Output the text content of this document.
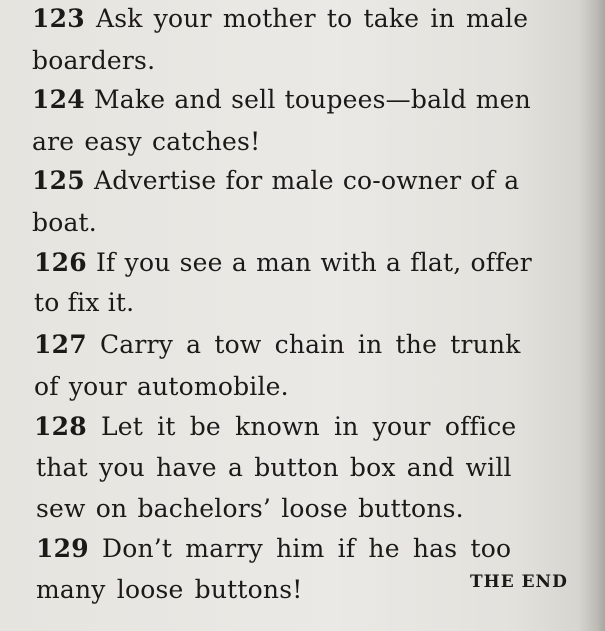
123 Ask your mother to take in male
boarders.
124 Make and sell toupees—bald men
are easy catches!
125 Advertise for male co-owner of a
boat.
126 If you see a man with a flat, offer
to fix it.
127 Carry a tow chain in the trunk
of your automobile.
128 Let it be known in your office
that you have a button box and will
sew on bachelors’ loose buttons.
129 Don’t marry him if he has too
many loose buttons!	THE END
